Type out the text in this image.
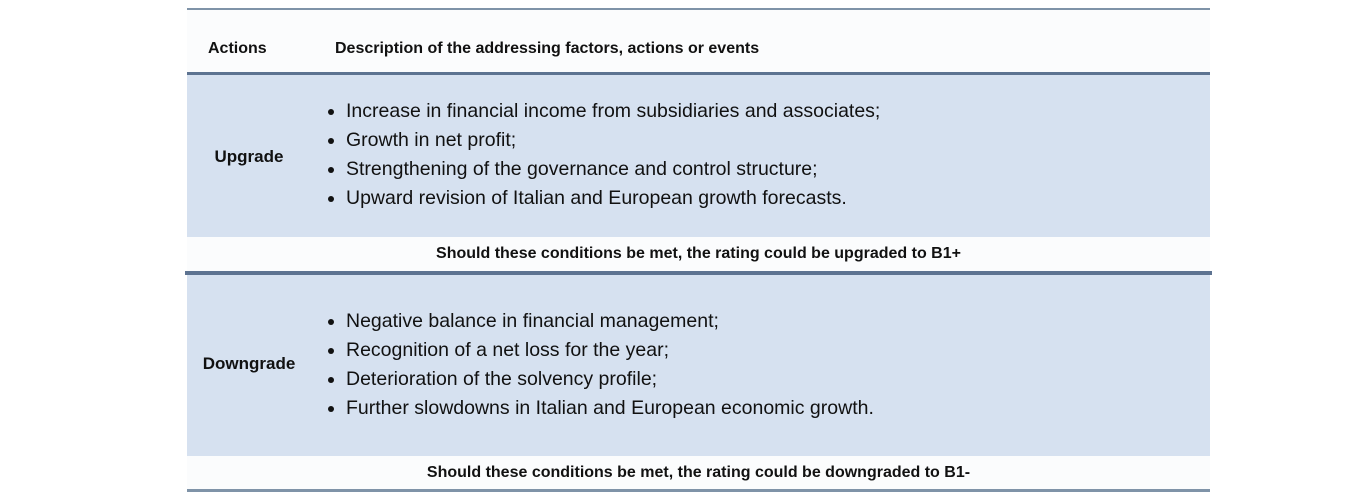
Actions	Description of the addressing factors, actions or events
Upgrade
• Increase in financial income from subsidiaries and associates;
• Growth in net profit;
• Strengthening of the governance and control structure;
• Upward revision of Italian and European growth forecasts.
Should these conditions be met, the rating could be upgraded to B1+
Downgrade
• Negative balance in financial management;
• Recognition of a net loss for the year;
• Deterioration of the solvency profile;
• Further slowdowns in Italian and European economic growth.
Should these conditions be met, the rating could be downgraded to B1-
